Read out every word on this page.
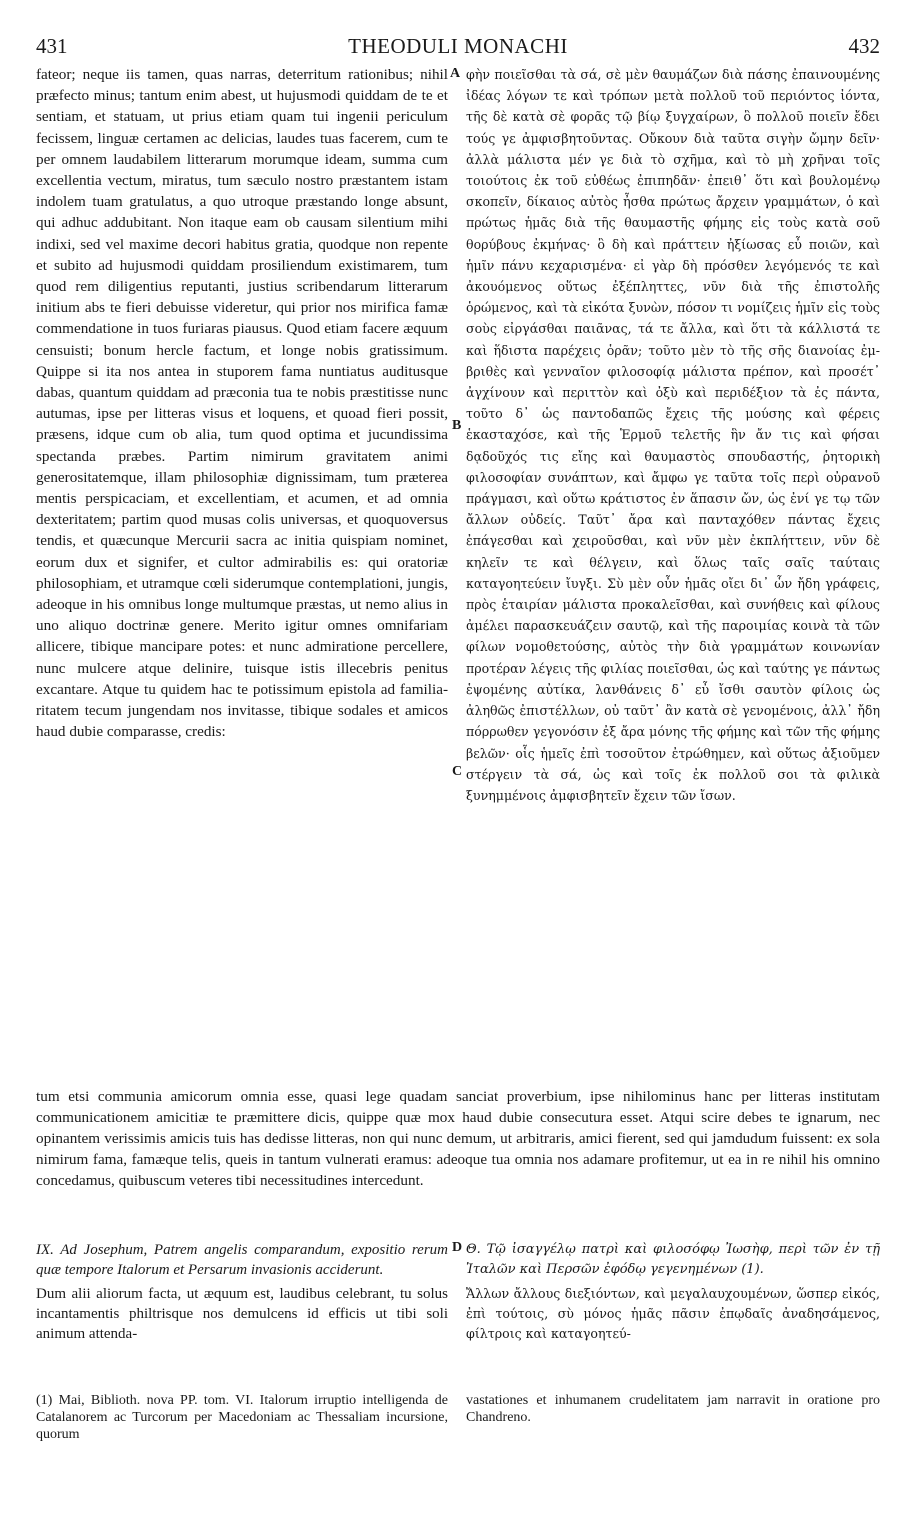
431	THEODULI MONACHI	432

fateor; neque iis tamen, quas narras, deterritum rationibus; nihil præfecto minus; tantum enim abest, ut hujusmodi quiddam de te et sentiam, et statuam, ut prius etiam quam tui ingenii periculum fecissem, linguæ certamen ac delicias, laudes tuas facerem, cum te per omnem laudabilem litterarum morumque ideam, summa cum excellentia vectum, miratus, tum sæculo nostro præstantem istam indolem tuam gratulatus, a quo utroque præstando longe absunt, qui adhuc addubitant. Non itaque eam ob causam silentium mihi indixi, sed vel maxime decori habitus gratia, quodque non repente et subito ad hujusmodi quiddam prosiliendum existimarem, tum quod rem diligentius reputanti, justius scribendarum litterarum initium abs te fieri debuisse videretur, qui prior nos mirifica famæ commendatione in tuos furiaras piausus. Quod etiam facere æquum censuisti; bonum hercle factum, et longe nobis gratissimum. Quippe si ita nos antea in stuporem fama nuntiatus auditusque dabas, quantum quiddam ad præconia tua te nobis præstitisse nunc autumas, ipse per litteras visus et loquens, et quoad fieri possit, præsens, idque cum ob alia, tum quod optima et jucundissima spectanda præbes. Partim nimirum gravitatem animi generositatemque, illam philosophiæ dignissimam, tum præterea mentis perspicaciam, et excellentiam, et acumen, et ad omnia dexteritatem; partim quod musas colis universas, et quoquoversus tendis, et quæcunque Mercurii sacra ac initia quispiam nominet, eorum dux et signifer, et cultor admirabilis es: qui oratoriæ philosophiam, et utramque cœli siderumque contemplationi, jungis, adeoque in his omnibus longe multumque præstas, ut nemo alius in uno aliquo doctrinæ genere. Merito igitur omnes omnifariam allicere, tibique mancipare potes: et nunc admiratione percellere, nunc mulcere atque delinire, tuisque istis illecebris penitus excantare. Atque tu quidem hac te potissimum epistola ad familiaritatem tecum jungendam nos invitasse, tibique sodales et amicos haud dubie comparasse, credis:

A
B
C
D

φὴν ποιεῖσθαι τὰ σά, σὲ μὲν θαυμάζων διὰ πάσης ἐπαινουμένης ἰδέας λόγων τε καὶ τρόπων μετὰ πολλοῦ τοῦ περιόντος ἰόντα, τῆς δὲ κατὰ σὲ φορᾶς τῷ βίῳ ξυγχαίρων, ὃ πολλοῦ ποιεῖν ἔδει τούς γε ἀμφισβητοῦντας. Οὔκουν διὰ ταῦτα σιγὴν ὤμην δεῖν· ἀλλὰ μάλιστα μέν γε διὰ τὸ σχῆμα, καὶ τὸ μὴ χρῆναι τοῖς τοιούτοις ἐκ τοῦ εὐθέως ἐπιπηδᾶν· ἐπειθ᾽ ὅτι καὶ βουλομένῳ σκοπεῖν, δίκαιος αὐτὸς ἦσθα πρώτως ἄρχειν γραμμάτων, ὁ καὶ πρώτως ἡμᾶς διὰ τῆς θαυμαστῆς φήμης εἰς τοὺς κατὰ σοῦ θορύβους ἐκμήνας· ὃ δὴ καὶ πράττειν ἠξίωσας εὖ ποιῶν, καὶ ἡμῖν πάνυ κεχαρισμένα· εἰ γὰρ δὴ πρόσθεν λεγόμενός τε καὶ ἀκουόμενος οὕτως ἐξέπληττες, νῦν διὰ τῆς ἐπιστολῆς ὁρώμενος, καὶ τὰ εἰκότα ξυνὼν, πόσον τι νομίζεις ἡμῖν εἰς τοὺς σοὺς εἰργάσθαι παιᾶνας, τά τε ἄλλα, καὶ ὅτι τὰ κάλλιστά τε καὶ ἥδιστα παρέχεις ὁρᾶν; τοῦτο μὲν τὸ τῆς σῆς διανοίας ἐμβριθὲς καὶ γενναῖον φιλοσοφίᾳ μάλιστα πρέπον, καὶ προσέτ᾽ ἀγχίνουν καὶ περιττὸν καὶ ὀξὺ καὶ περιδέξιον τὰ ἐς πάντα, τοῦτο δ᾽ ὡς παντοδαπῶς ἔχεις τῆς μούσης καὶ φέρεις ἑκασταχόσε, καὶ τῆς Ἑρμοῦ τελετῆς ἣν ἄν τις καὶ φήσαι δᾳδοῦχός τις εἴης καὶ θαυμαστὸς σπουδαστής, ῥητορικὴ φιλοσοφίαν συνάπτων, καὶ ἄμφω γε ταῦτα τοῖς περὶ οὐρανοῦ πράγμασι, καὶ οὕτω κράτιστος ἐν ἅπασιν ὤν, ὡς ἐνί γε τῳ τῶν ἄλλων οὐδείς. Ταῦτ᾽ ἄρα καὶ πανταχόθεν πάντας ἔχεις ἐπάγεσθαι καὶ χειροῦσθαι, καὶ νῦν μὲν ἐκπλήττειν, νῦν δὲ κηλεῖν τε καὶ θέλγειν, καὶ ὅλως ταῖς σαῖς ταύταις καταγοητεύειν ἴυγξι. Σὺ μὲν οὖν ἡμᾶς οἴει δι᾽ ὧν ἤδη γράφεις, πρὸς ἑταιρίαν μάλιστα προκαλεῖσθαι, καὶ συνήθεις καὶ φίλους ἀμέλει παρασκευάζειν σαυτῷ, καὶ τῆς παροιμίας κοινὰ τὰ τῶν φίλων νομοθετούσης, αὐτὸς τὴν διὰ γραμμάτων κοινωνίαν προτέραν λέγεις τῆς φιλίας ποιεῖσθαι, ὡς καὶ ταύτης γε πάντως ἑψομένης αὐτίκα, λανθάνεις δ᾽ εὖ ἴσθι σαυτὸν φίλοις ὡς ἀληθῶς ἐπιστέλλων, οὐ ταῦτ᾽ ἂν κατὰ σὲ γενομένοις, ἀλλ᾽ ἤδη πόρρωθεν γεγονόσιν ἐξ ἄρα μόνης τῆς φήμης καὶ τῶν τῆς φήμης βελῶν· οἷς ἡμεῖς ἐπὶ τοσοῦτον ἐτρώθημεν, καὶ οὕτως ἀξιοῦμεν στέργειν τὰ σά, ὡς καὶ τοῖς ἐκ πολλοῦ σοι τὰ φιλικὰ ξυνημμένοις ἀμφισβητεῖν ἔχειν τῶν ἴσων.

tum etsi communia amicorum omnia esse, quasi lege quadam sanciat proverbium, ipse nihilominus hanc per litteras institutam communicationem amicitiæ te præmittere dicis, quippe quæ mox haud dubie consecutura esset. Atqui scire debes te ignarum, nec opinantem verissimis amicis tuis has dedisse litteras, non qui nunc demum, ut arbitraris, amici fierent, sed qui jamdudum fuissent: ex sola nimirum fama, famæque telis, queis in tantum vulnerati eramus: adeoque tua omnia nos adamare profitemur, ut ea in re nihil his omnino concedamus, quibuscum veteres tibi necessitudines intercedunt.

IX. Ad Josephum, Patrem angelis comparandum, expositio rerum quæ tempore Italorum et Persarum invasionis acciderunt.
Dum alii aliorum facta, ut æquum est, laudibus celebrant, tu solus incantamentis philtrisque nos demulcens id efficis ut tibi soli animum attenda-
Θ. Τῷ ἰσαγγέλῳ πατρὶ καὶ φιλοσόφῳ Ἰωσὴφ, περὶ τῶν ἐν τῇ Ἰταλῶν καὶ Περσῶν ἐφόδῳ γεγενημένων (1).
Ἄλλων ἄλλους διεξιόντων, καὶ μεγαλαυχουμένων, ὥσπερ εἰκός, ἐπὶ τούτοις, σὺ μόνος ἡμᾶς πᾶσιν ἐπῳδαῖς ἀναδησάμενος, φίλτροις καὶ καταγοητεύ-
(1) Mai, Biblioth. nova PP. tom. VI. Italorum irruptio intelligenda de Catalanorem ac Turcorum per Macedoniam ac Thessaliam incursione, quorum
vastationes et inhumanem crudelitatem jam narravit in oratione pro Chandreno.
